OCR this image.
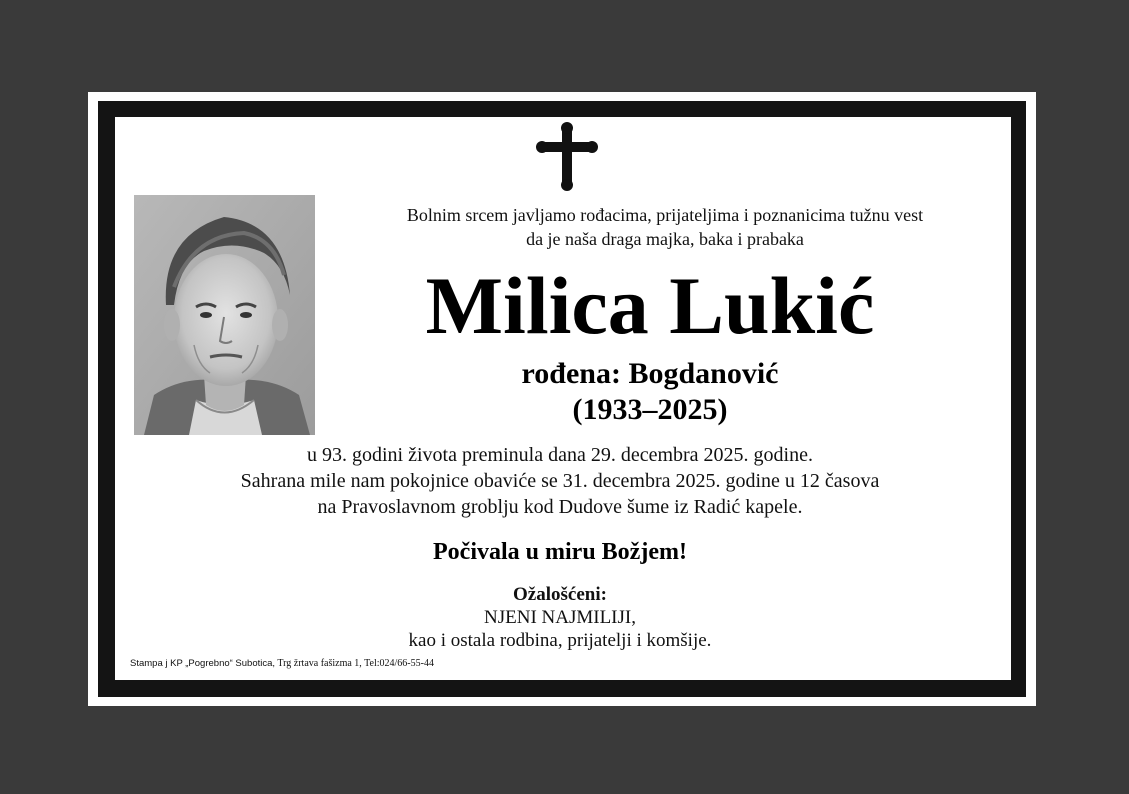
Bolnim srcem javljamo rođacima, prijateljima i poznanicima tužnu vest
da je naša draga majka, baka i prabaka
Milica Lukić
rođena: Bogdanović
(1933–2025)
u 93. godini života preminula dana 29. decembra 2025. godine.
Sahrana mile nam pokojnice obaviće se 31. decembra 2025. godine u 12 časova
na Pravoslavnom groblju kod Dudove šume iz Radić kapele.
Počivala u miru Božjem!
Ožalošćeni:
NJENI NAJMILIJI,
kao i ostala rodbina, prijatelji i komšije.
Stampa j KP „Pogrebno“ Subotica, Trg žrtava fašizma 1, Tel:024/66-55-44
